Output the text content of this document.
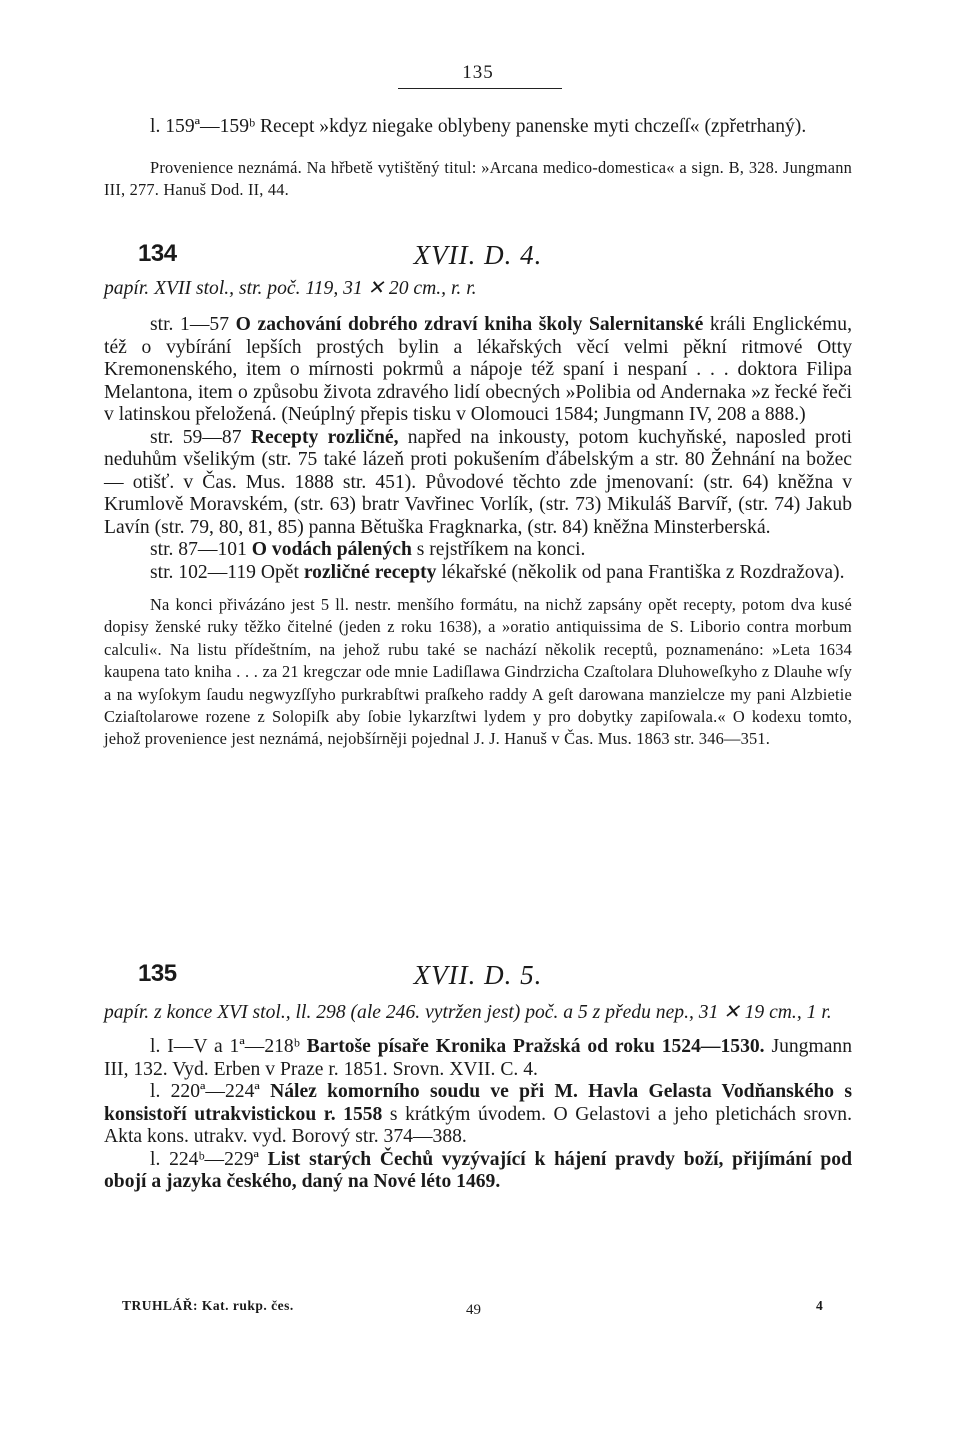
135

l. 159ª—159ᵇ Recept »kdyz niegake oblybeny panenske myti chczeſſ« (zpřetrhaný).

Provenience neznámá. Na hřbetě vytištěný titul: »Arcana medico-domestica« a sign. B, 328. Jungmann III, 277. Hanuš Dod. II, 44.

134	XVII. D. 4.

papír. XVII stol., str. poč. 119, 31 ✕ 20 cm., r. r.

str. 1—57 O zachování dobrého zdraví kniha školy Salernitanské králi Englickému, též o vybírání lepších prostých bylin a lékařských věcí velmi pěkní ritmové Otty Kremonenského, item o mírnosti pokrmů a nápoje též spaní i nespaní . . . doktora Filipa Melantona, item o způsobu života zdravého lidí obecných »Polibia od Andernaka »z řecké řeči v latinskou přeložená. (Neúplný přepis tisku v Olomouci 1584; Jungmann IV, 208 a 888.)

str. 59—87 Recepty rozličné, napřed na inkousty, potom kuchyňské, naposled proti neduhům všelikým (str. 75 také lázeň proti pokušením ďábelským a str. 80 Žehnání na božec — otišť. v Čas. Mus. 1888 str. 451). Původové těchto zde jmenovaní: (str. 64) kněžna v Krumlově Moravském, (str. 63) bratr Vavřinec Vorlík, (str. 73) Mikuláš Barvíř, (str. 74) Jakub Lavín (str. 79, 80, 81, 85) panna Bětuška Fragknarka, (str. 84) kněžna Minsterberská.

str. 87—101 O vodách pálených s rejstříkem na konci.

str. 102—119 Opět rozličné recepty lékařské (několik od pana Františka z Rozdražova).

Na konci přivázáno jest 5 ll. nestr. menšího formátu, na nichž zapsány opět recepty, potom dva kusé dopisy ženské ruky těžko čitelné (jeden z roku 1638), a »oratio antiquissima de S. Liborio contra morbum calculi«. Na listu přídeštním, na jehož rubu také se nachází několik receptů, poznamenáno: »Leta 1634 kaupena tato kniha . . . za 21 kregczar ode mnie Ladiſlawa Gindrzicha Czaſtolara Dluhoweſkyho z Dlauhe wſy a na wyſokym ſaudu negwyzſſyho purkrabſtwi praſkeho raddy A geſt darowana manzielcze my pani Alzbietie Cziaſtolarowe rozene z Solopiſk aby ſobie lykarzſtwi lydem y pro dobytky zapiſowala.« O kodexu tomto, jehož provenience jest neznámá, nejobšírněji pojednal J. J. Hanuš v Čas. Mus. 1863 str. 346—351.

135	XVII. D. 5.

papír. z konce XVI stol., ll. 298 (ale 246. vytržen jest) poč. a 5 z předu nep., 31 ✕ 19 cm., 1 r.

l. I—V a 1ª—218ᵇ Bartoše písaře Kronika Pražská od roku 1524—1530. Jungmann III, 132. Vyd. Erben v Praze r. 1851. Srovn. XVII. C. 4.

l. 220ª—224ª Nález komorního soudu ve při M. Havla Gelasta Vodňanského s konsistoří utrakvistickou r. 1558 s krátkým úvodem. O Gelastovi a jeho pletichách srovn. Akta kons. utrakv. vyd. Borový str. 374—388.

l. 224ᵇ—229ª List starých Čechů vyzývající k hájení pravdy boží, přijímání pod obojí a jazyka českého, daný na Nové léto 1469.

TRUHLÁŘ: Kat. rukp. čes.	49	4
